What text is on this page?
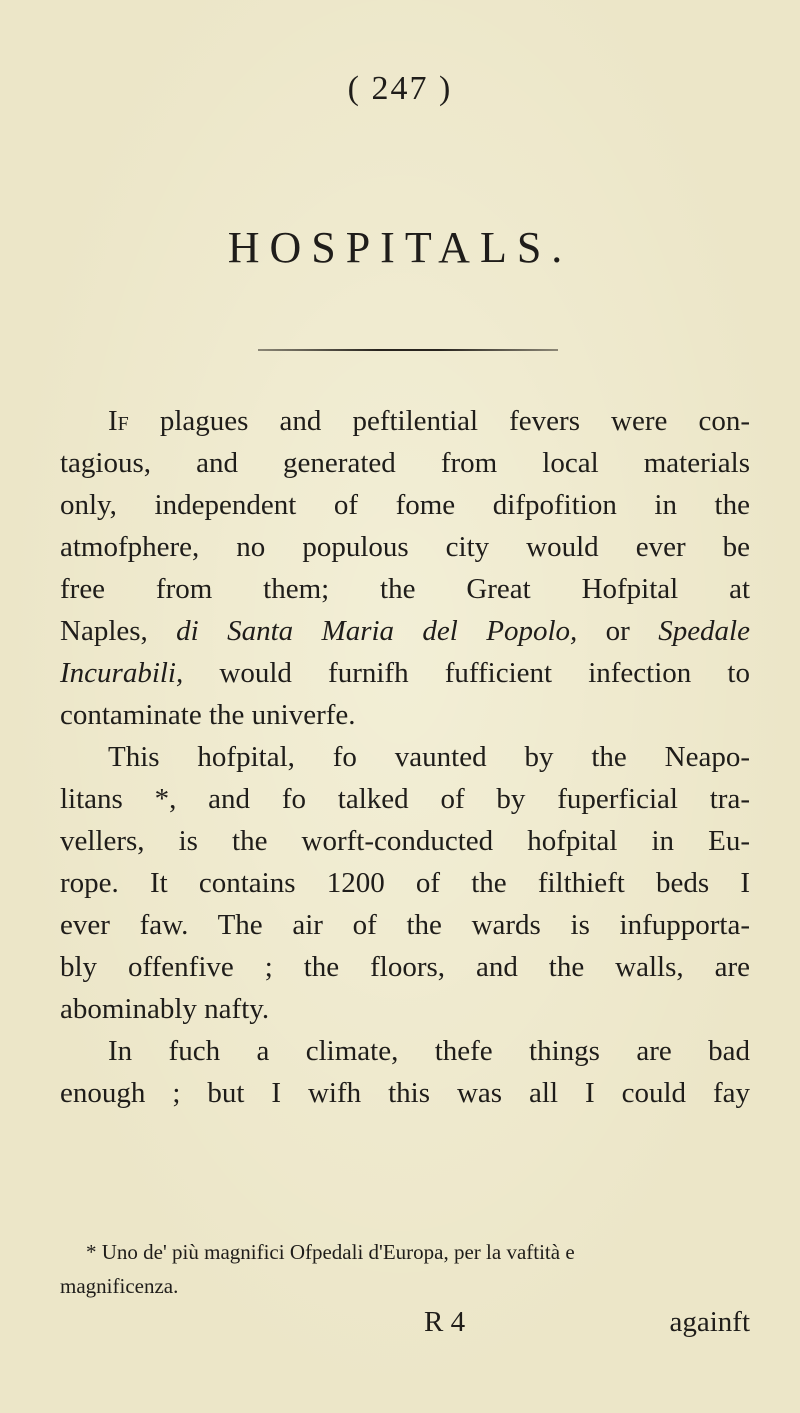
( 247 )
HOSPITALS.
If plagues and peftilential fevers were con-
tagious, and generated from local materials
only, independent of fome difpofition in the
atmofphere, no populous city would ever be
free from them; the Great Hofpital at
Naples, di Santa Maria del Popolo, or Spedale
Incurabili, would furnifh fufficient infection to
contaminate the univerfe.
This hofpital, fo vaunted by the Neapo-
litans *, and fo talked of by fuperficial tra-
vellers, is the worft-conducted hofpital in Eu-
rope. It contains 1200 of the filthieft beds I
ever faw. The air of the wards is infupporta-
bly offenfive ; the floors, and the walls, are
abominably nafty.
In fuch a climate, thefe things are bad
enough ; but I wifh this was all I could fay
* Uno de' più magnifici Ofpedali d'Europa, per la vaftità e
magnificenza.
R 4	againft
